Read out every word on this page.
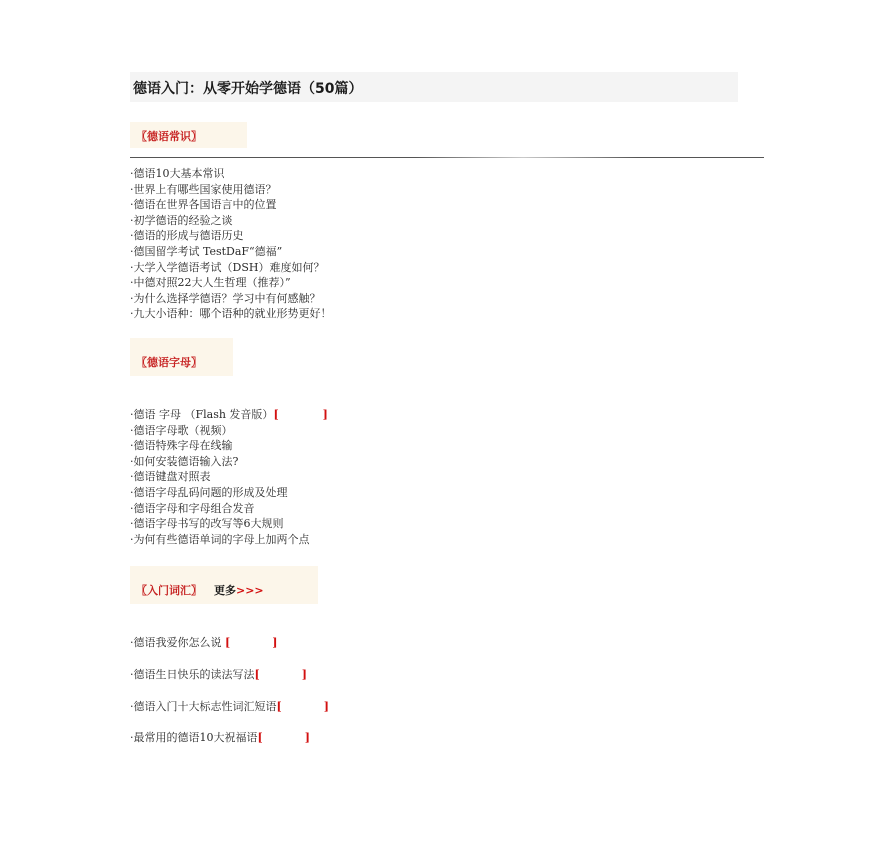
德语入门：从零开始学德语（50篇）
〖德语常识〗
·德语10大基本常识
·世界上有哪些国家使用德语？
·德语在世界各国语言中的位置
·初学德语的经验之谈
·德语的形成与德语历史
·德国留学考试 TestDaF“德福”
·大学入学德语考试（DSH）难度如何？
·中德对照22大人生哲理（推荐）”
·为什么选择学德语？学习中有何感触？
·九大小语种：哪个语种的就业形势更好！
〖德语字母〗
·德语 字母 （Flash 发音版）[	]
·德语字母歌（视频）
·德语特殊字母在线输
·如何安装德语输入法?
·德语键盘对照表
·德语字母乱码问题的形成及处理
·德语字母和字母组合发音
·德语字母书写的改写等6大规则
·为何有些德语单词的字母上加两个点
〖入门词汇〗 更多>>>
·德语我爱你怎么说 [	]
·德语生日快乐的读法写法[	]
·德语入门十大标志性词汇短语[	]
·最常用的德语10大祝福语[	]
